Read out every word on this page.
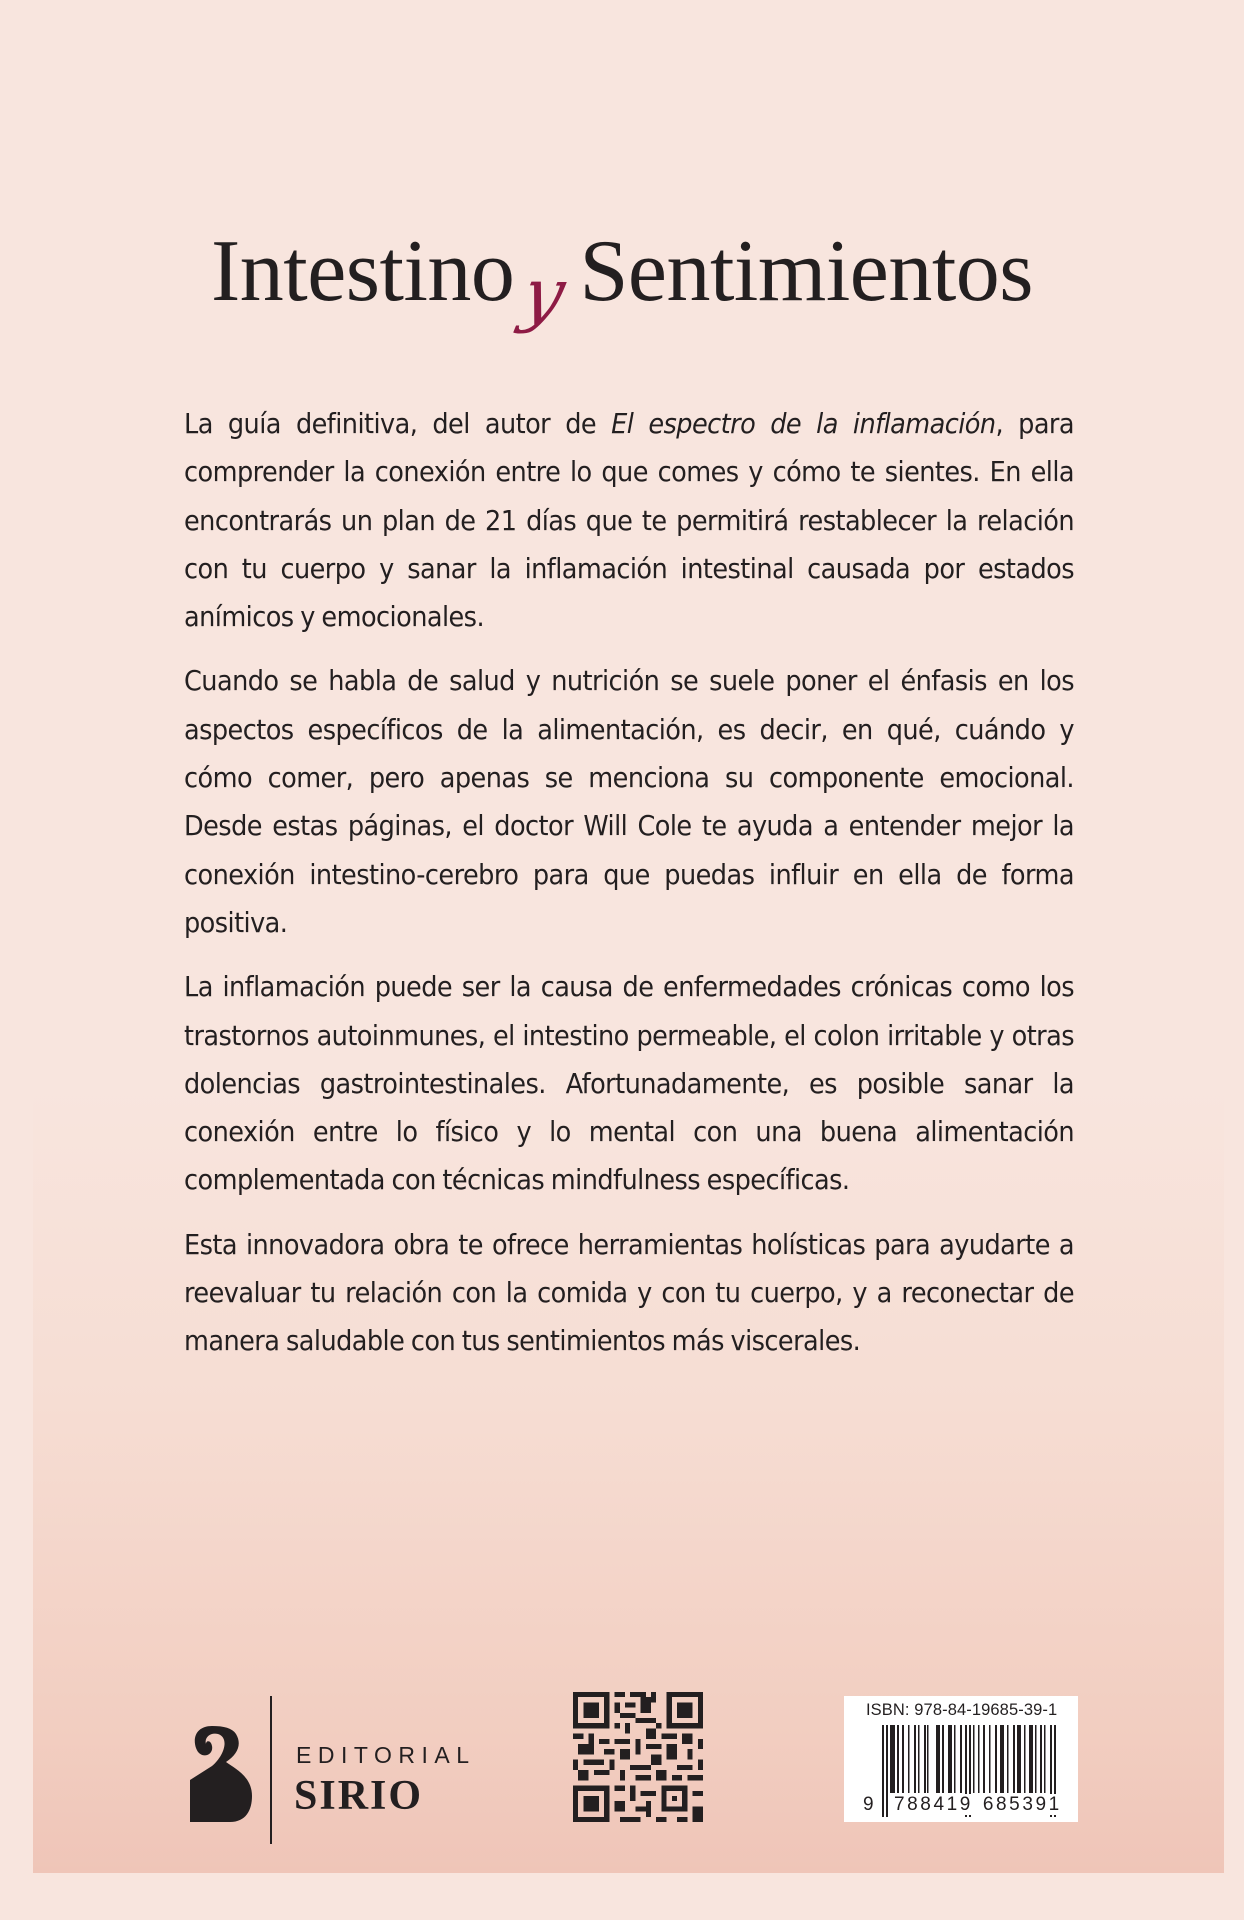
IntestinoySentimientos

La guía definitiva, del autor de El espectro de la inflamación, para comprender la conexión entre lo que comes y cómo te sientes. En ella encontrarás un plan de 21 días que te permitirá restablecer la relación con tu cuerpo y sanar la inflamación intestinal causada por estados anímicos y emocionales.

Cuando se habla de salud y nutrición se suele poner el énfasis en los aspectos específicos de la alimentación, es decir, en qué, cuándo y cómo comer, pero apenas se menciona su componente emocional. Desde estas páginas, el doctor Will Cole te ayuda a entender mejor la conexión intestino-cerebro para que puedas influir en ella de forma positiva.

La inflamación puede ser la causa de enfermedades crónicas como los trastornos autoinmunes, el intestino permeable, el colon irritable y otras dolencias gastrointestinales. Afortunadamente, es posible sanar la conexión entre lo físico y lo mental con una buena alimentación complementada con técnicas mindfulness específicas.

Esta innovadora obra te ofrece herramientas holísticas para ayudarte a reevaluar tu relación con la comida y con tu cuerpo, y a reconectar de manera saludable con tus sentimientos más viscerales.

EDITORIAL
SIRIO
ISBN: 978-84-19685-39-1
9 788419 685391
